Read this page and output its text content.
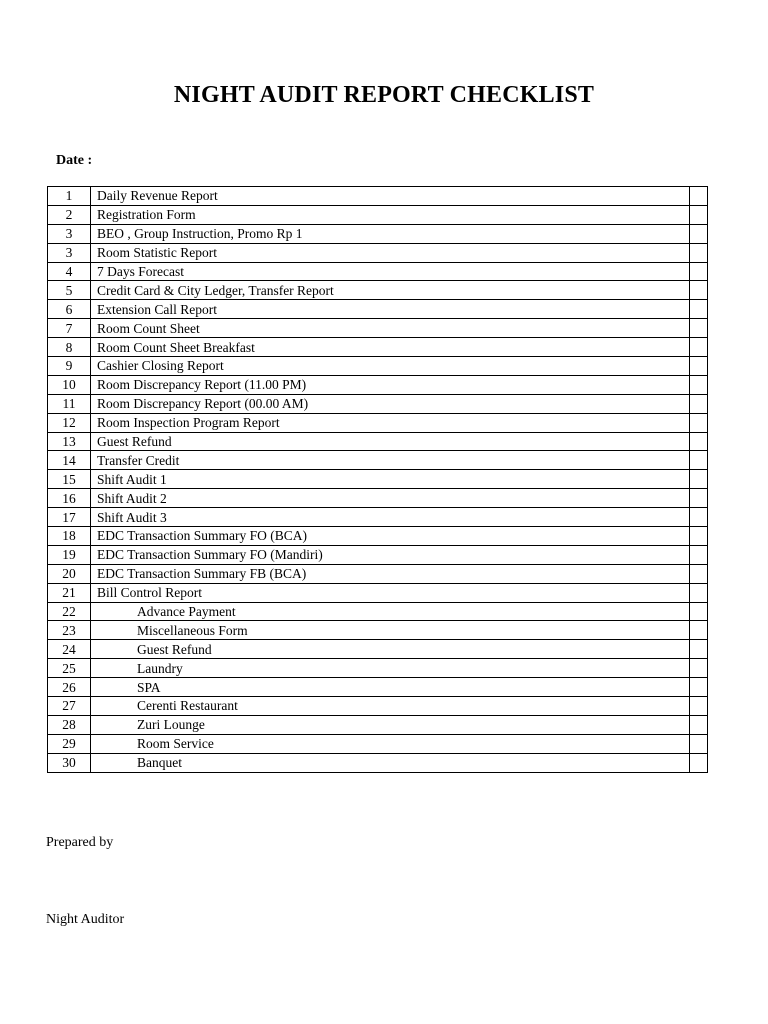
NIGHT AUDIT REPORT CHECKLIST
Date :
1	Daily Revenue Report	
2	Registration Form	
3	BEO , Group Instruction, Promo Rp 1	
3	Room Statistic Report	
4	7 Days Forecast	
5	Credit Card & City Ledger, Transfer Report	
6	Extension Call Report	
7	Room Count Sheet	
8	Room Count Sheet Breakfast	
9	Cashier Closing Report	
10	Room Discrepancy Report (11.00 PM)	
11	Room Discrepancy Report (00.00 AM)	
12	Room Inspection Program Report	
13	Guest Refund	
14	Transfer Credit	
15	Shift Audit 1	
16	Shift Audit 2	
17	Shift Audit 3	
18	EDC Transaction Summary FO (BCA)	
19	EDC Transaction Summary FO (Mandiri)	
20	EDC Transaction Summary FB (BCA)	
21	Bill Control Report	
22	Advance Payment	
23	Miscellaneous Form	
24	Guest Refund	
25	Laundry	
26	SPA	
27	Cerenti Restaurant	
28	Zuri Lounge	
29	Room Service	
30	Banquet	
Prepared by
Night Auditor
